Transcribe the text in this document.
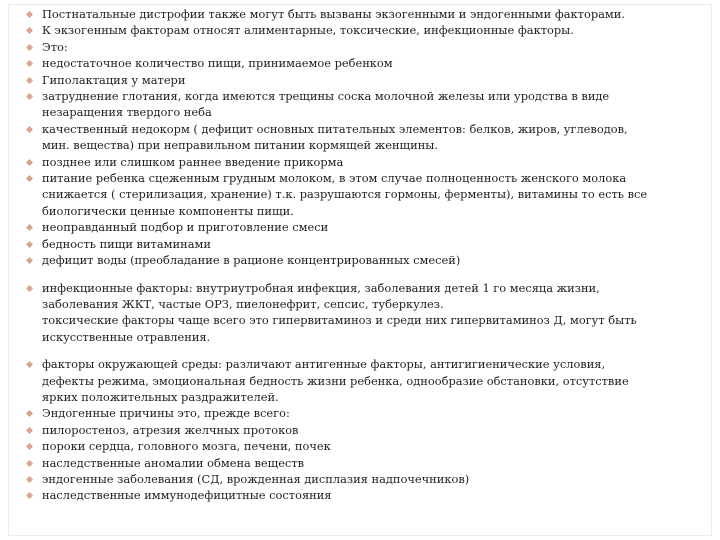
Постнатальные дистрофии также могут быть вызваны экзогенными и эндогенными факторами.
К экзогенным факторам относят алиментарные, токсические, инфекционные факторы.
Это:
недостаточное количество пищи, принимаемое ребенком
Гиполактация у матери
затруднение глотания, когда имеются трещины соска молочной железы или уродства в виде
незаращения твердого неба
качественный недокорм ( дефицит основных питательных элементов: белков, жиров, углеводов,
мин. вещества) при неправильном питании кормящей женщины.
позднее или слишком раннее введение прикорма
питание ребенка сцеженным грудным молоком, в этом случае полноценность женского молока
снижается ( стерилизация, хранение) т.к. разрушаются гормоны, ферменты), витамины то есть все
биологически ценные компоненты пищи.
неоправданный подбор и приготовление смеси
бедность пищи витаминами
дефицит воды (преобладание в рационе концентрированных смесей)
инфекционные факторы: внутриутробная инфекция, заболевания детей 1 го месяца жизни,
заболевания ЖКТ, частые ОРЗ, пиелонефрит, сепсис, туберкулез.
токсические факторы чаще всего это гипервитаминоз и среди них гипервитаминоз Д, могут быть
искусственные отравления.
факторы окружающей среды: различают антигенные факторы, антигигиенические условия,
дефекты режима, эмоциональная бедность жизни ребенка, однообразие обстановки, отсутствие
ярких положительных раздражителей.
Эндогенные причины это, прежде всего:
пилоростеноз, атрезия желчных протоков
пороки сердца, головного мозга, печени, почек
наследственные аномалии обмена веществ
эндогенные заболевания (СД, врожденная дисплазия надпочечников)
наследственные иммунодефицитные состояния
